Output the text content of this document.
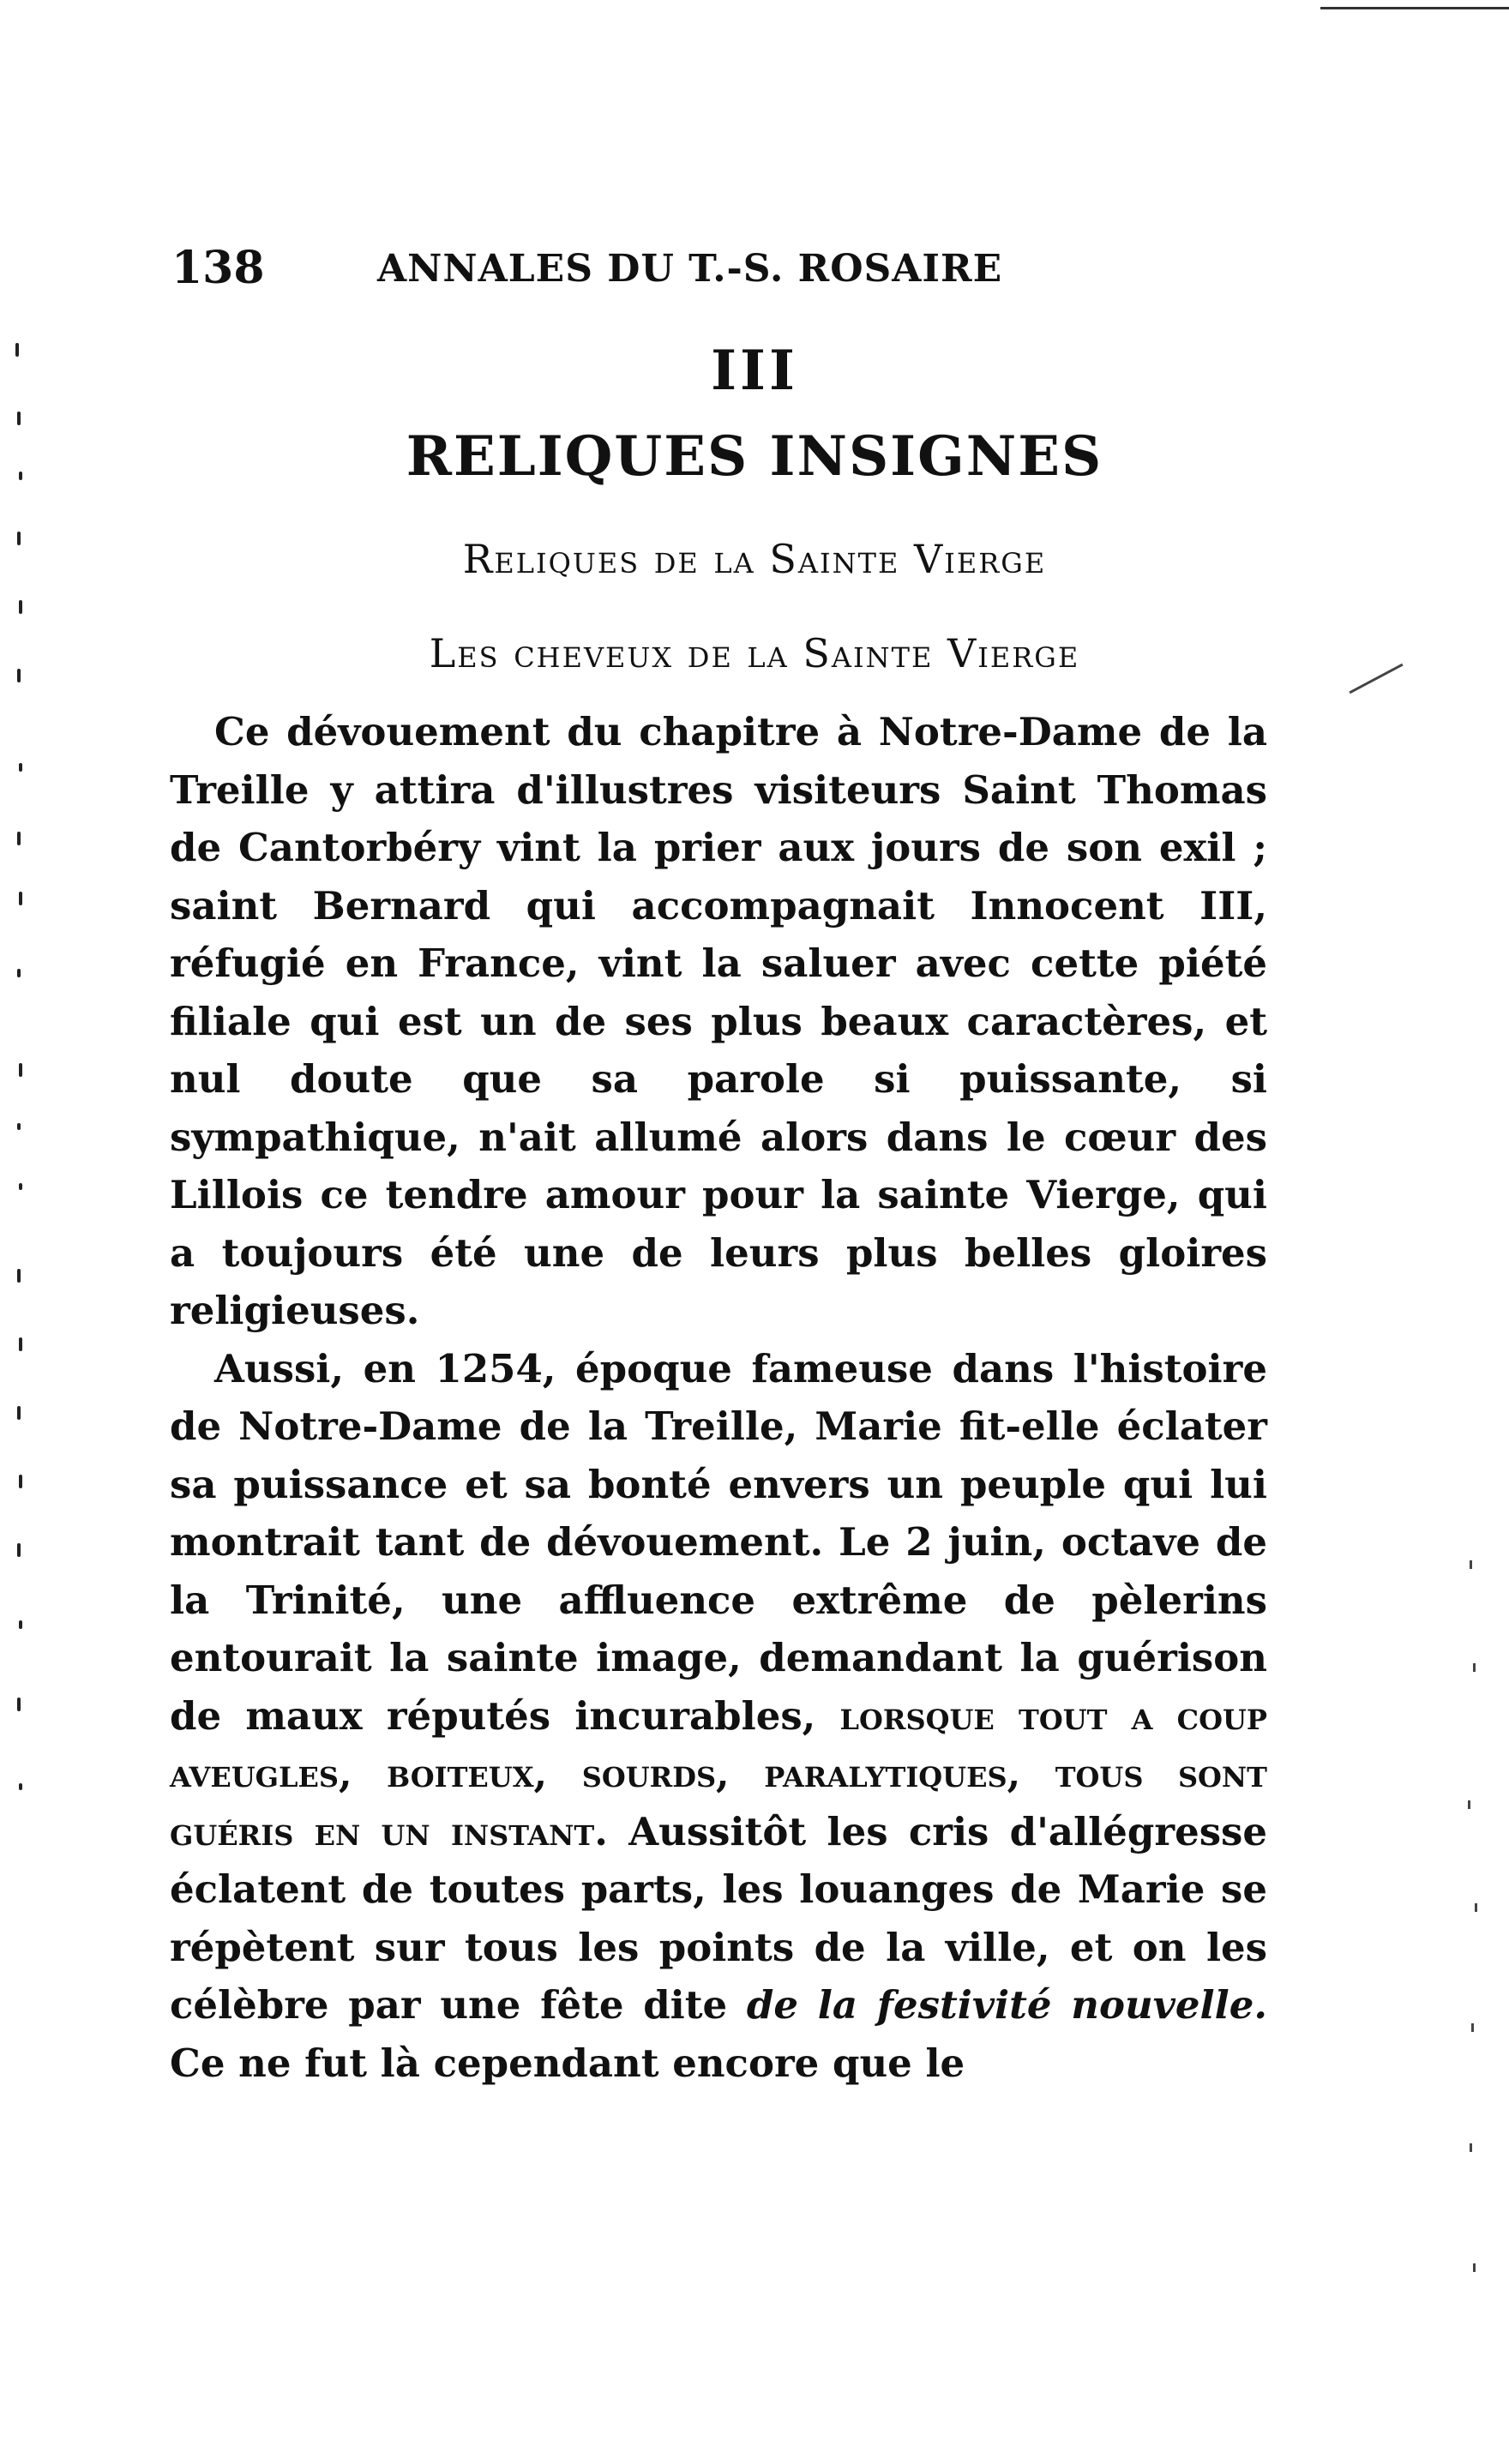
138	ANNALES DU T.-S. ROSAIRE
III
RELIQUES INSIGNES
Reliques de la Sainte Vierge
Les cheveux de la Sainte Vierge

Ce dévouement du chapitre à Notre-Dame de la Treille y attira d'illustres visiteurs Saint Thomas de Cantorbéry vint la prier aux jours de son exil ; saint Bernard qui accompagnait Innocent III, réfugié en France, vint la saluer avec cette piété filiale qui est un de ses plus beaux caractères, et nul doute que sa parole si puissante, si sympathique, n'ait allumé alors dans le cœur des Lillois ce tendre amour pour la sainte Vierge, qui a toujours été une de leurs plus belles gloires religieuses.

Aussi, en 1254, époque fameuse dans l'histoire de Notre-Dame de la Treille, Marie fit-elle éclater sa puissance et sa bonté envers un peuple qui lui montrait tant de dévouement. Le 2 juin, octave de la Trinité, une affluence extrême de pèlerins entourait la sainte image, demandant la guérison de maux réputés incurables, lorsque tout a coup aveugles, boiteux, sourds, paralytiques, tous sont guéris en un instant. Aussitôt les cris d'allégresse éclatent de toutes parts, les louanges de Marie se répètent sur tous les points de la ville, et on les célèbre par une fête dite de la festivité nouvelle. Ce ne fut là cependant encore que le
